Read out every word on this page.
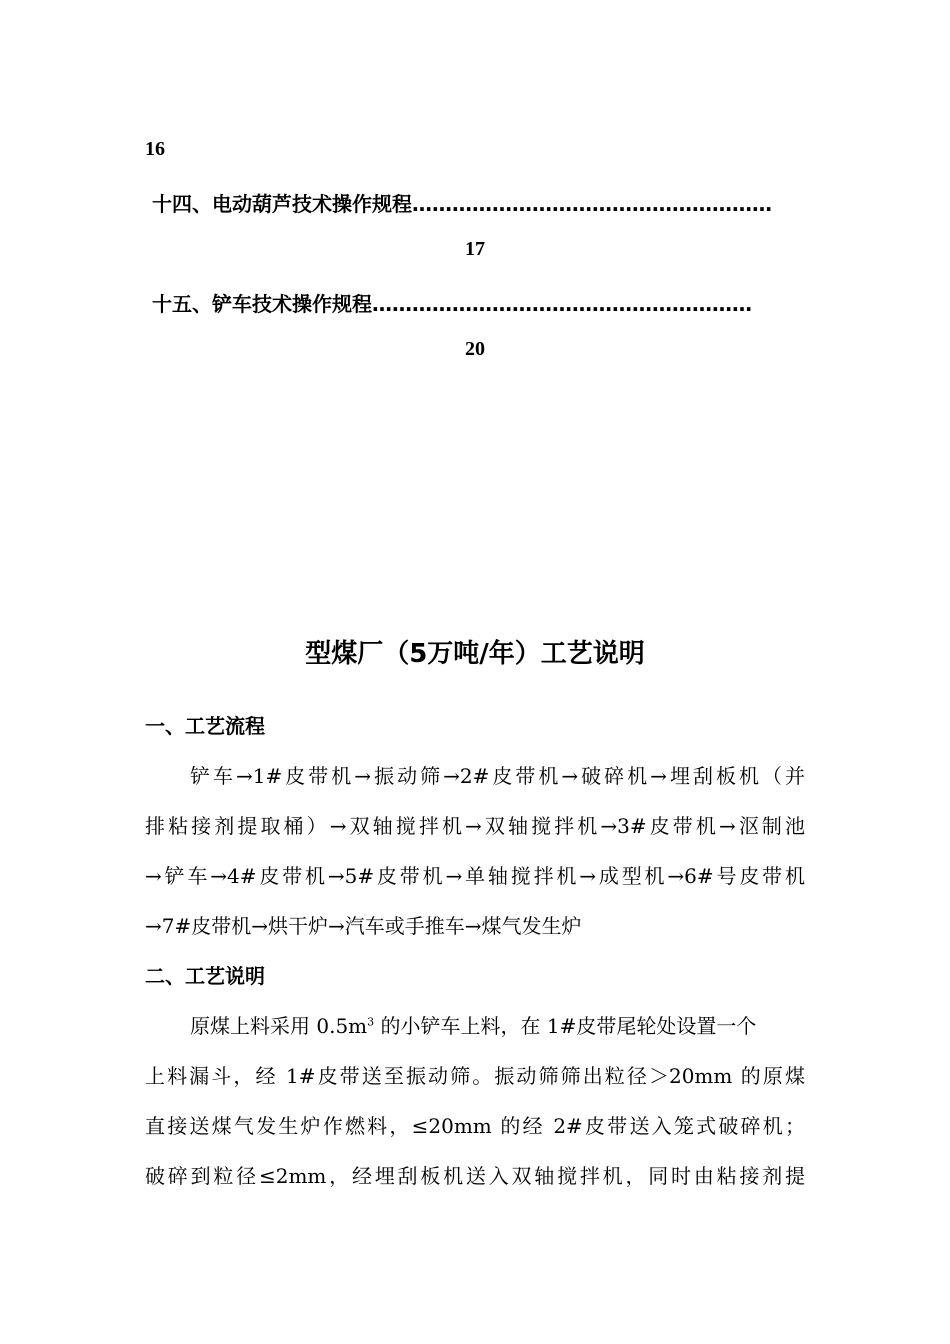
16
十四、电动葫芦技术操作规程………………………………………………
17
十五、铲车技术操作规程…………………………………………………
20
型煤厂（5万吨/年）工艺说明
一、工艺流程
铲车→1#皮带机→振动筛→2#皮带机→破碎机→埋刮板机（并
排粘接剂提取桶）→双轴搅拌机→双轴搅拌机→3#皮带机→沤制池
→铲车→4#皮带机→5#皮带机→单轴搅拌机→成型机→6#号皮带机
→7#皮带机→烘干炉→汽车或手推车→煤气发生炉
二、工艺说明
原煤上料采用 $0.5m^3$ 的小铲车上料，在 1#皮带尾轮处设置一个
上料漏斗，经 1#皮带送至振动筛。振动筛筛出粒径＞20mm 的原煤
直接送煤气发生炉作燃料，≤20mm 的经 2#皮带送入笼式破碎机；
破碎到粒径≤2mm，经埋刮板机送入双轴搅拌机，同时由粘接剂提
